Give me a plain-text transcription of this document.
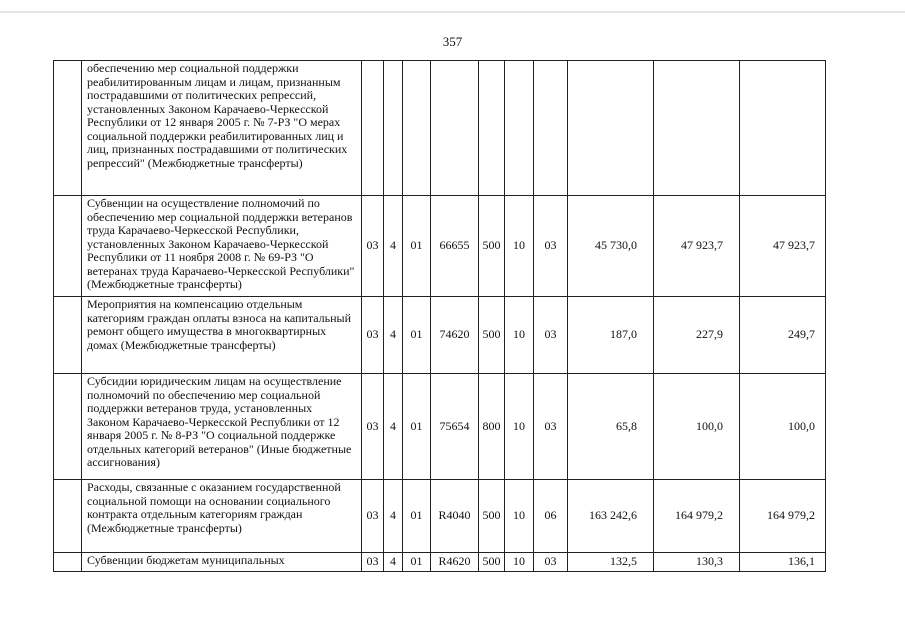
357
	обеспечению мер социальной поддержки реабилитированным лицам и лицам, признанным пострадавшими от политических репрессий, установленных Законом Карачаево-Черкесской Республики от 12 января 2005 г. № 7-РЗ "О мерах социальной поддержки реабилитированных лиц и лиц, признанных пострадавшими от политических репрессий" (Межбюджетные трансферты)										
	Субвенции на осуществление полномочий по обеспечению мер социальной поддержки ветеранов труда Карачаево-Черкесской Республики, установленных Законом Карачаево-Черкесской Республики от 11 ноября 2008 г. № 69-РЗ "О ветеранах труда Карачаево-Черкесской Республики" (Межбюджетные трансферты)	03	4	01	66655	500	10	03	45 730,0	47 923,7	47 923,7
	Мероприятия на компенсацию отдельным категориям граждан оплаты взноса на капитальный ремонт общего имущества в многоквартирных домах (Межбюджетные трансферты)	03	4	01	74620	500	10	03	187,0	227,9	249,7
	Субсидии юридическим лицам на осуществление полномочий по обеспечению мер социальной поддержки ветеранов труда, установленных Законом Карачаево-Черкесской Республики от 12 января 2005 г. № 8-РЗ "О социальной поддержке отдельных категорий ветеранов" (Иные бюджетные ассигнования)	03	4	01	75654	800	10	03	65,8	100,0	100,0
	Расходы, связанные с оказанием государственной социальной помощи на основании социального контракта отдельным категориям граждан (Межбюджетные трансферты)	03	4	01	R4040	500	10	06	163 242,6	164 979,2	164 979,2
	Субвенции бюджетам муниципальных	03	4	01	R4620	500	10	03	132,5	130,3	136,1
